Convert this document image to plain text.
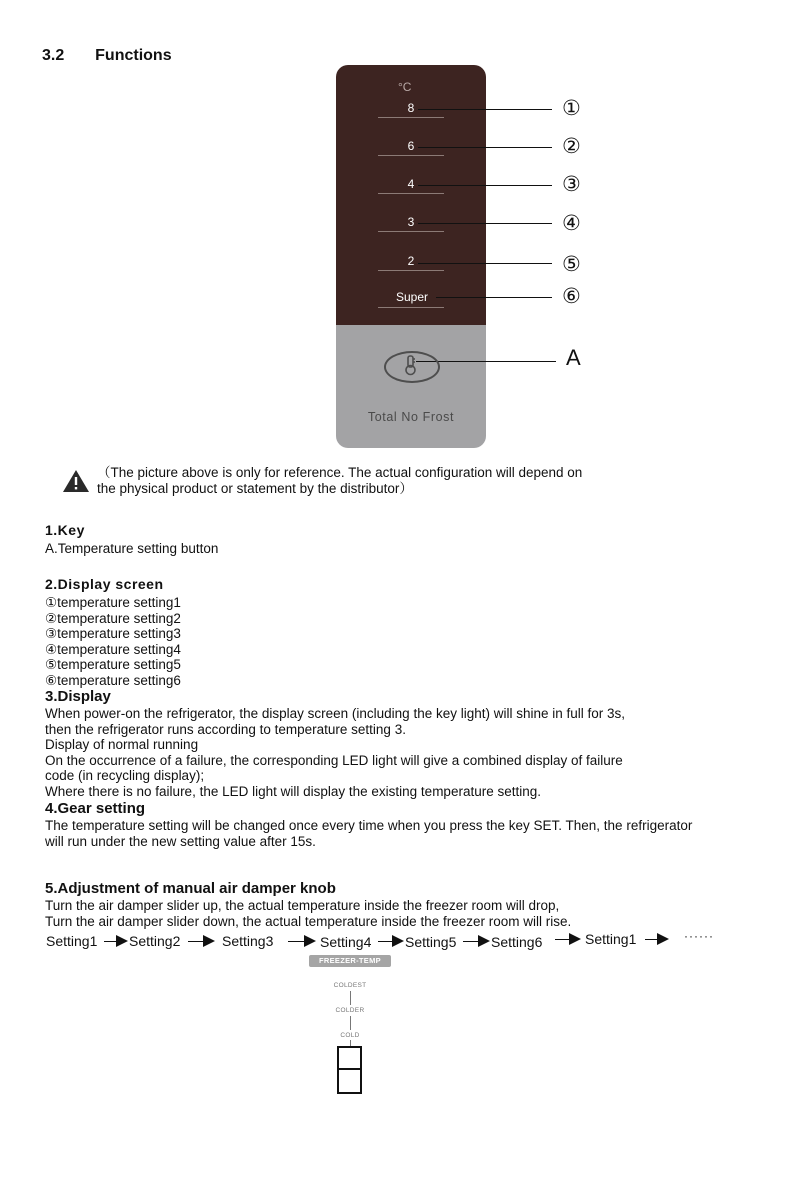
3.2 Functions
°C
8
6
4
3
2
Super
①
②
③
④
⑤
⑥
A
Total No Frost
（The picture above is only for reference. The actual configuration will depend on
the physical product or statement by the distributor）
1.Key
A.Temperature setting button
2.Display screen
①temperature setting1
②temperature setting2
③temperature setting3
④temperature setting4
⑤temperature setting5
⑥temperature setting6
3.Display
When power-on the refrigerator, the display screen (including the key light) will shine in full for 3s,
then the refrigerator runs according to temperature setting 3.
Display of normal running
On the occurrence of a failure, the corresponding LED light will give a combined display of failure
code (in recycling display);
Where there is no failure, the LED light will display the existing temperature setting.
4.Gear setting
The temperature setting will be changed once every time when you press the key SET. Then, the refrigerator
will run under the new setting value after 15s.
5.Adjustment of manual air damper knob
Turn the air damper slider up, the actual temperature inside the freezer room will drop,
Turn the air damper slider down, the actual temperature inside the freezer room will rise.
Setting1 Setting2	Setting3	Setting4 Setting5 Setting6	Setting1	······
FREEZER-TEMP
COLDEST
COLDER
COLD
